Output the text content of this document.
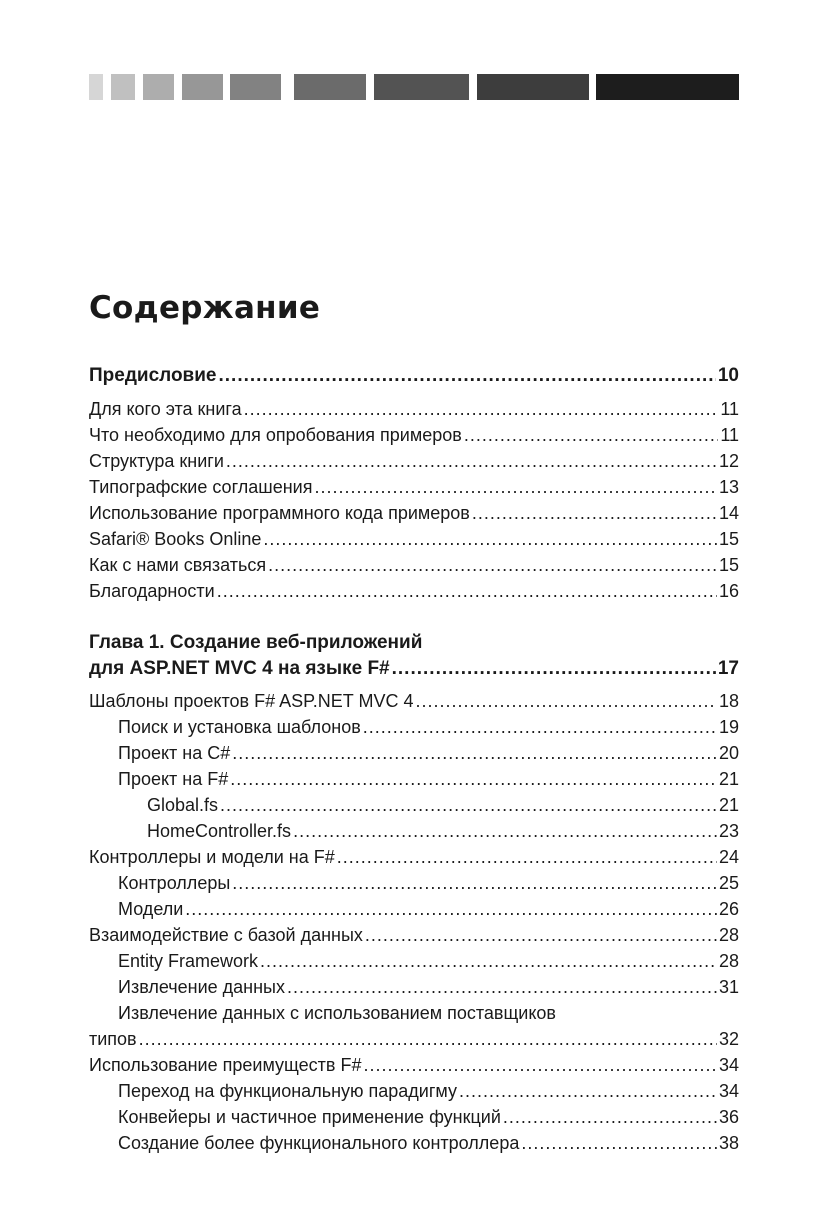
Содержание
Предисловие .....	10
Для кого эта книга .....	11
Что необходимо для опробования примеров .....	11
Структура книги .....	12
Типографские соглашения .....	13
Использование программного кода примеров .....	14
Safari® Books Online .....	15
Как с нами связаться .....	15
Благодарности .....	16
Глава 1. Создание веб-приложений
для ASP.NET MVC 4 на языке F# .....	17
Шаблоны проектов F# ASP.NET MVC 4 .....	18
Поиск и установка шаблонов .....	19
Проект на C# .....	20
Проект на F# .....	21
Global.fs .....	21
HomeController.fs .....	23
Контроллеры и модели на F# .....	24
Контроллеры .....	25
Модели .....	26
Взаимодействие с базой данных .....	28
Entity Framework .....	28
Извлечение данных .....	31
Извлечение данных с использованием поставщиков
типов .....	32
Использование преимуществ F# .....	34
Переход на функциональную парадигму .....	34
Конвейеры и частичное применение функций .....	36
Создание более функционального контроллера .....	38
